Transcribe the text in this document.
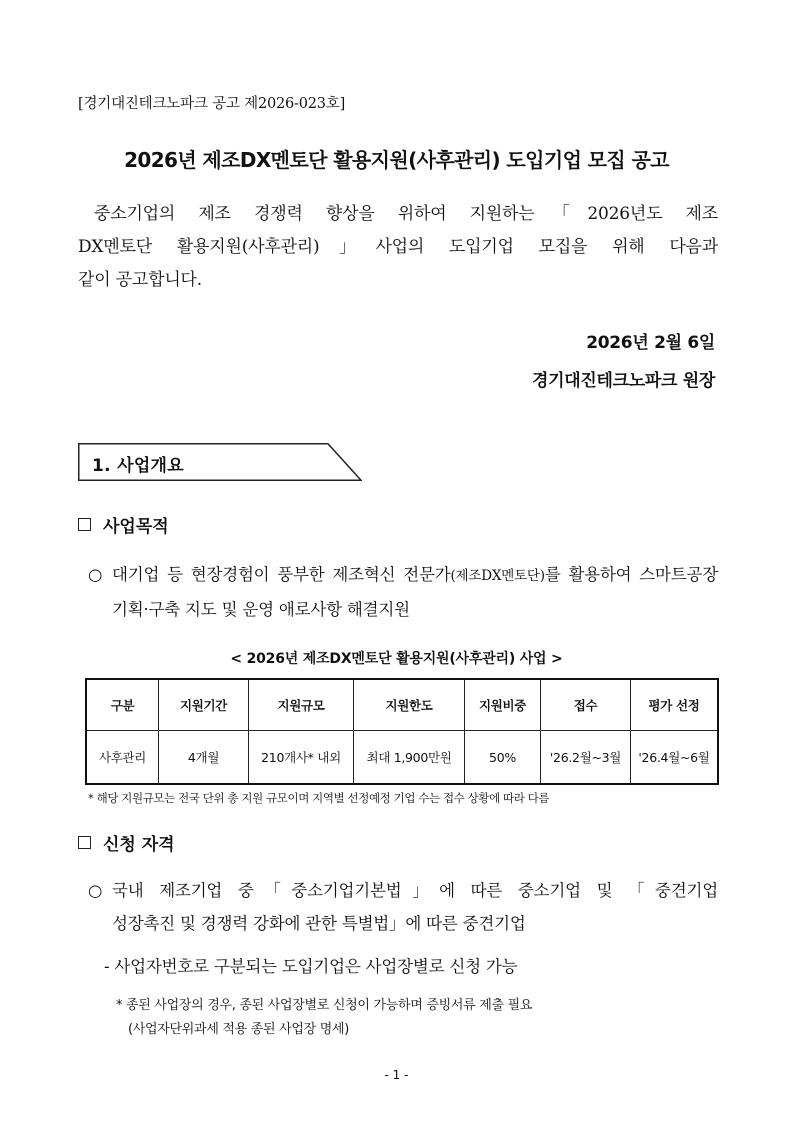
[경기대진테크노파크 공고 제2026-023호]
2026년 제조DX멘토단 활용지원(사후관리) 도입기업 모집 공고
중소기업의 제조 경쟁력 향상을 위하여 지원하는「2026년도 제조
DX멘토단 활용지원(사후관리)」사업의 도입기업 모집을 위해 다음과
같이 공고합니다.
2026년 2월 6일
경기대진테크노파크 원장
1. 사업개요
사업목적
○ 대기업 등 현장경험이 풍부한 제조혁신 전문가(제조DX멘토단)를 활용하여 스마트공장 기획·구축 지도 및 운영 애로사항 해결지원
< 2026년 제조DX멘토단 활용지원(사후관리) 사업 >
구분	지원기간	지원규모	지원한도	지원비중	접수	평가 선정
사후관리	4개월	210개사* 내외	최대 1,900만원	50%	'26.2월~3월	'26.4월~6월
* 해당 지원규모는 전국 단위 총 지원 규모이며 지역별 선정예정 기업 수는 접수 상황에 따라 다름
신청 자격
○ 국내 제조기업 중「중소기업기본법」에 따른 중소기업 및 「중견기업
성장촉진 및 경쟁력 강화에 관한 특별법」에 따른 중견기업
- 사업자번호로 구분되는 도입기업은 사업장별로 신청 가능
* 종된 사업장의 경우, 종된 사업장별로 신청이 가능하며 증빙서류 제출 필요
(사업자단위과세 적용 종된 사업장 명세)
- 1 -
